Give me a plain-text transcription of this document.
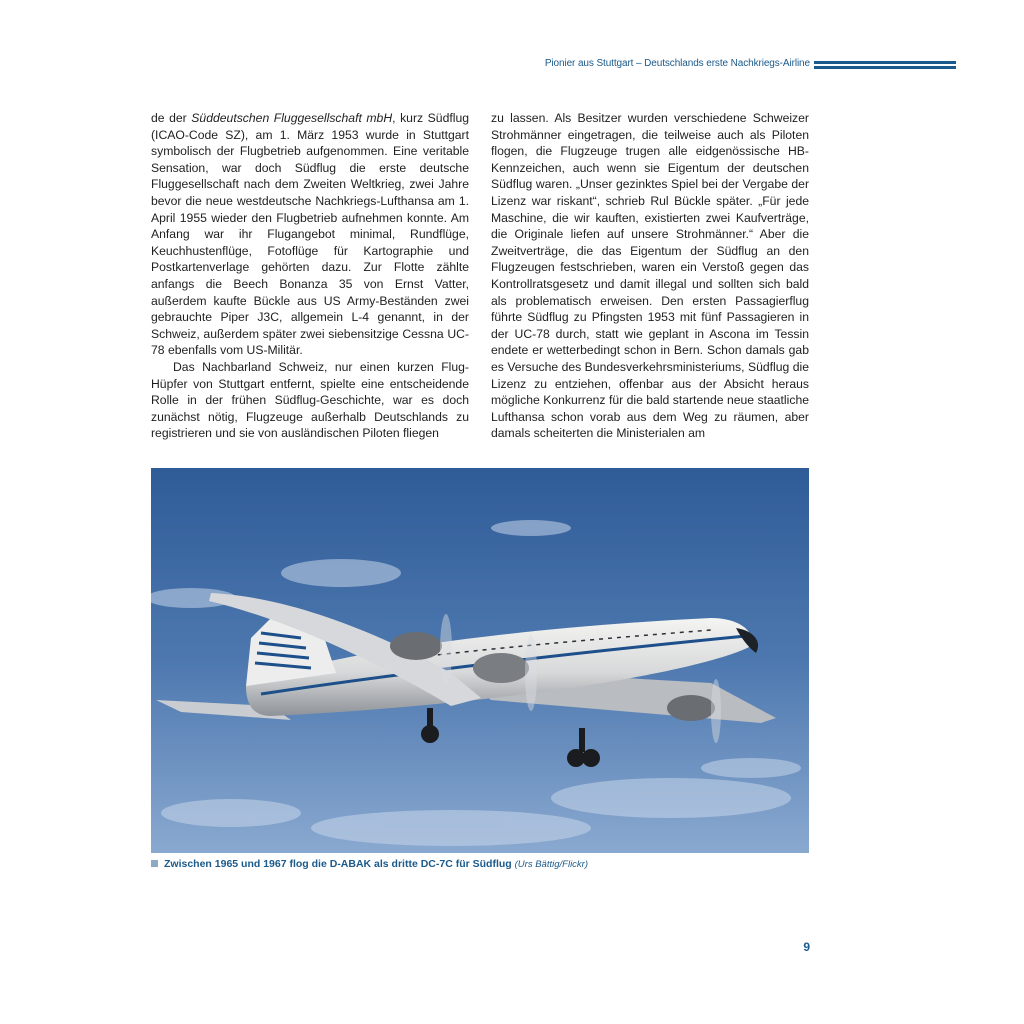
Pionier aus Stuttgart – Deutschlands erste Nachkriegs-Airline

de der Süddeutschen Fluggesellschaft mbH, kurz Südflug (ICAO-Code SZ), am 1. März 1953 wurde in Stuttgart symbolisch der Flugbetrieb aufgenommen. Eine veritable Sensation, war doch Südflug die erste deutsche Fluggesellschaft nach dem Zweiten Weltkrieg, zwei Jahre bevor die neue westdeutsche Nachkriegs-Lufthansa am 1. April 1955 wieder den Flugbetrieb aufnehmen konnte. Am Anfang war ihr Flugangebot minimal, Rundflüge, Keuchhustenflüge, Fotoflüge für Kartographie und Postkartenverlage gehörten dazu. Zur Flotte zählte anfangs die Beech Bonanza 35 von Ernst Vatter, außerdem kaufte Bückle aus US Army-Beständen zwei gebrauchte Piper J3C, allgemein L-4 genannt, in der Schweiz, außerdem später zwei siebensitzige Cessna UC-78 ebenfalls vom US-Militär.

Das Nachbarland Schweiz, nur einen kurzen Flug-Hüpfer von Stuttgart entfernt, spielte eine entscheidende Rolle in der frühen Südflug-Geschichte, war es doch zunächst nötig, Flugzeuge außerhalb Deutschlands zu registrieren und sie von ausländischen Piloten fliegen

zu lassen. Als Besitzer wurden verschiedene Schweizer Strohmänner eingetragen, die teilweise auch als Piloten flogen, die Flugzeuge trugen alle eidgenössische HB-Kennzeichen, auch wenn sie Eigentum der deutschen Südflug waren. „Unser gezinktes Spiel bei der Vergabe der Lizenz war riskant“, schrieb Rul Bückle später. „Für jede Maschine, die wir kauften, existierten zwei Kaufverträge, die Originale liefen auf unsere Strohmänner.“ Aber die Zweitverträge, die das Eigentum der Südflug an den Flugzeugen festschrieben, waren ein Verstoß gegen das Kontrollratsgesetz und damit illegal und sollten sich bald als problematisch erweisen. Den ersten Passagierflug führte Südflug zu Pfingsten 1953 mit fünf Passagieren in der UC-78 durch, statt wie geplant in Ascona im Tessin endete er wetterbedingt schon in Bern. Schon damals gab es Versuche des Bundesverkehrsministeriums, Südflug die Lizenz zu entziehen, offenbar aus der Absicht heraus mögliche Konkurrenz für die bald startende neue staatliche Lufthansa schon vorab aus dem Weg zu räumen, aber damals scheiterten die Ministerialen am

Zwischen 1965 und 1967 flog die D-ABAK als dritte DC-7C für Südflug (Urs Bättig/Flickr)
9
